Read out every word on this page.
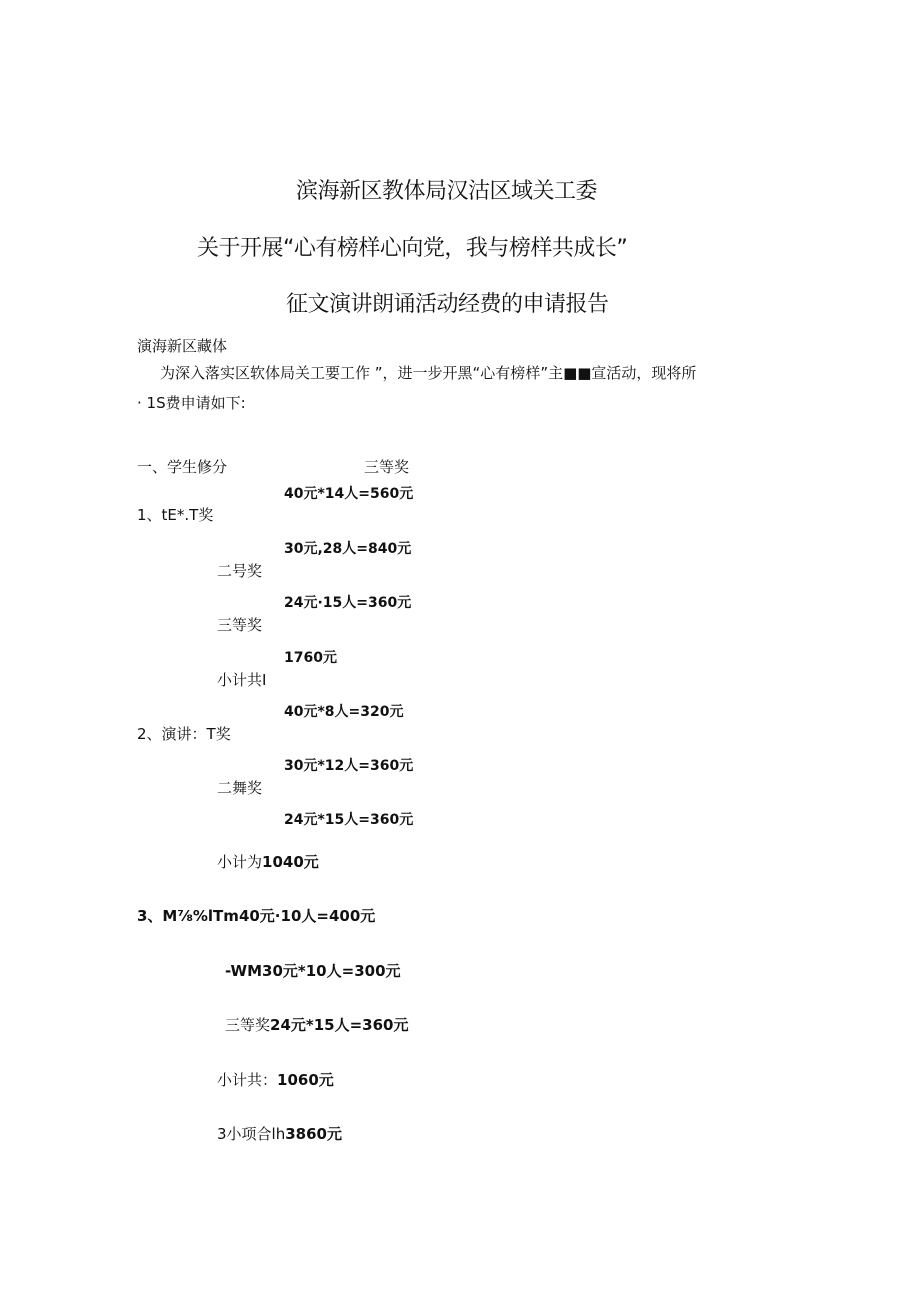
滨海新区教体局汉沽区域关工委
关于开展“心有榜样心向党，我与榜样共成长”
征文演讲朗诵活动经费的申请报告
演海新区藏体
为深入落实区软体局关工要工作 ”，进一步开黑“心有榜样”主■■宣活动，现将所
· 1S费申请如下:
一、学生修分	三等奖
40元*14人=560元
1、tE*.T奖
30元,28人=840元
二号奖
24元·15人=360元
三等奖
1760元
小计共I
40元*8人=320元
2、演讲：T奖
30元*12人=360元
二舞奖
24元*15人=360元
小计为1040元
3、M⅞%lTm40元·10人=400元
-WM30元*10人=300元
三等奖24元*15人=360元
小计共：1060元
3小项合lh3860元
